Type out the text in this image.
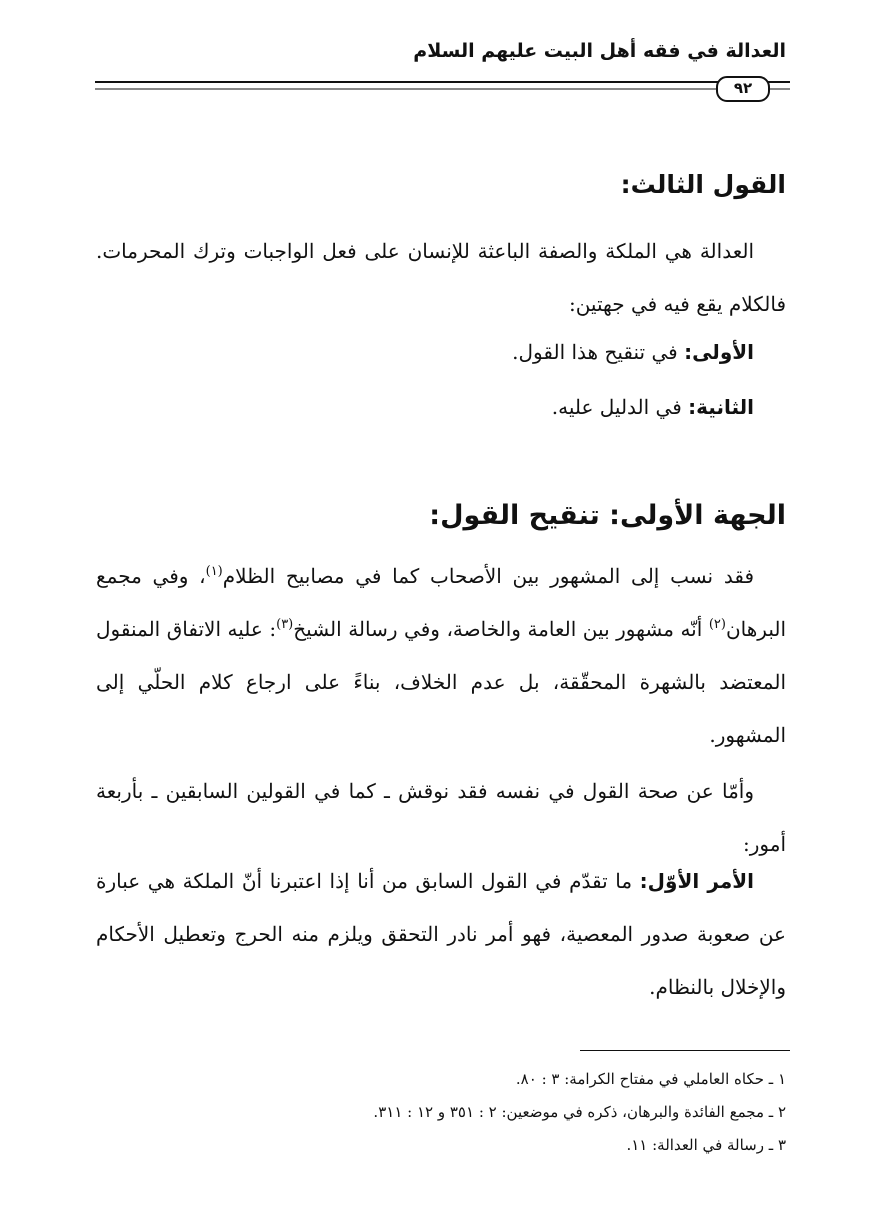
العدالة في فقه أهل البيت عليهم السلام
٩٢
القول الثالث:
العدالة هي الملكة والصفة الباعثة للإنسان على فعل الواجبات وترك المحرمات. فالكلام يقع فيه في جهتين:
الأولى: في تنقيح هذا القول.
الثانية: في الدليل عليه.
الجهة الأولى: تنقيح القول:
فقد نسب إلى المشهور بين الأصحاب كما في مصابيح الظلام$^{(١)}$، وفي مجمع البرهان$^{(٢)}$ أنّه مشهور بين العامة والخاصة، وفي رسالة الشيخ$^{(٣)}$: عليه الاتفاق المنقول المعتضد بالشهرة المحقّقة، بل عدم الخلاف، بناءً على ارجاع كلام الحلّي إلى المشهور.
وأمّا عن صحة القول في نفسه فقد نوقش ـ كما في القولين السابقين ـ بأربعة أمور:
الأمر الأوّل: ما تقدّم في القول السابق من أنا إذا اعتبرنا أنّ الملكة هي عبارة عن صعوبة صدور المعصية، فهو أمر نادر التحقق ويلزم منه الحرج وتعطيل الأحكام والإخلال بالنظام.
١ ـ حكاه العاملي في مفتاح الكرامة: ٣ : ٨٠.
٢ ـ مجمع الفائدة والبرهان، ذكره في موضعين: ٢ : ٣٥١ و ١٢ : ٣١١.
٣ ـ رسالة في العدالة: ١١.
